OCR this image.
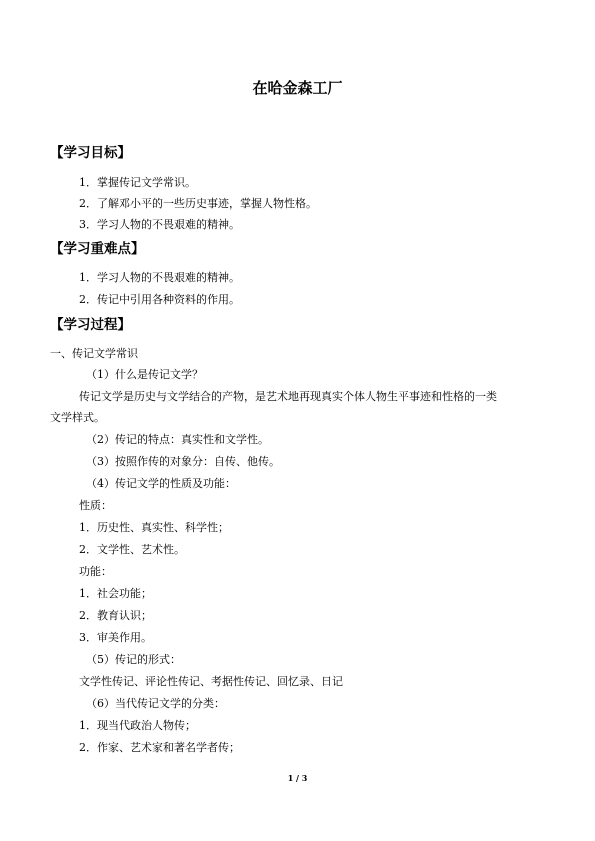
在哈金森工厂
【学习目标】
1．掌握传记文学常识。
2．了解邓小平的一些历史事迹，掌握人物性格。
3．学习人物的不畏艰难的精神。
【学习重难点】
1．学习人物的不畏艰难的精神。
2．传记中引用各种资料的作用。
【学习过程】
一、传记文学常识
（1）什么是传记文学？
传记文学是历史与文学结合的产物，是艺术地再现真实个体人物生平事迹和性格的一类
文学样式。
（2）传记的特点：真实性和文学性。
（3）按照作传的对象分：自传、他传。
（4）传记文学的性质及功能：
性质：
1．历史性、真实性、科学性；
2．文学性、艺术性。
功能：
1．社会功能；
2．教育认识；
3．审美作用。
（5）传记的形式：
文学性传记、评论性传记、考据性传记、回忆录、日记
（6）当代传记文学的分类：
1．现当代政治人物传；
2．作家、艺术家和著名学者传；
1 / 3
